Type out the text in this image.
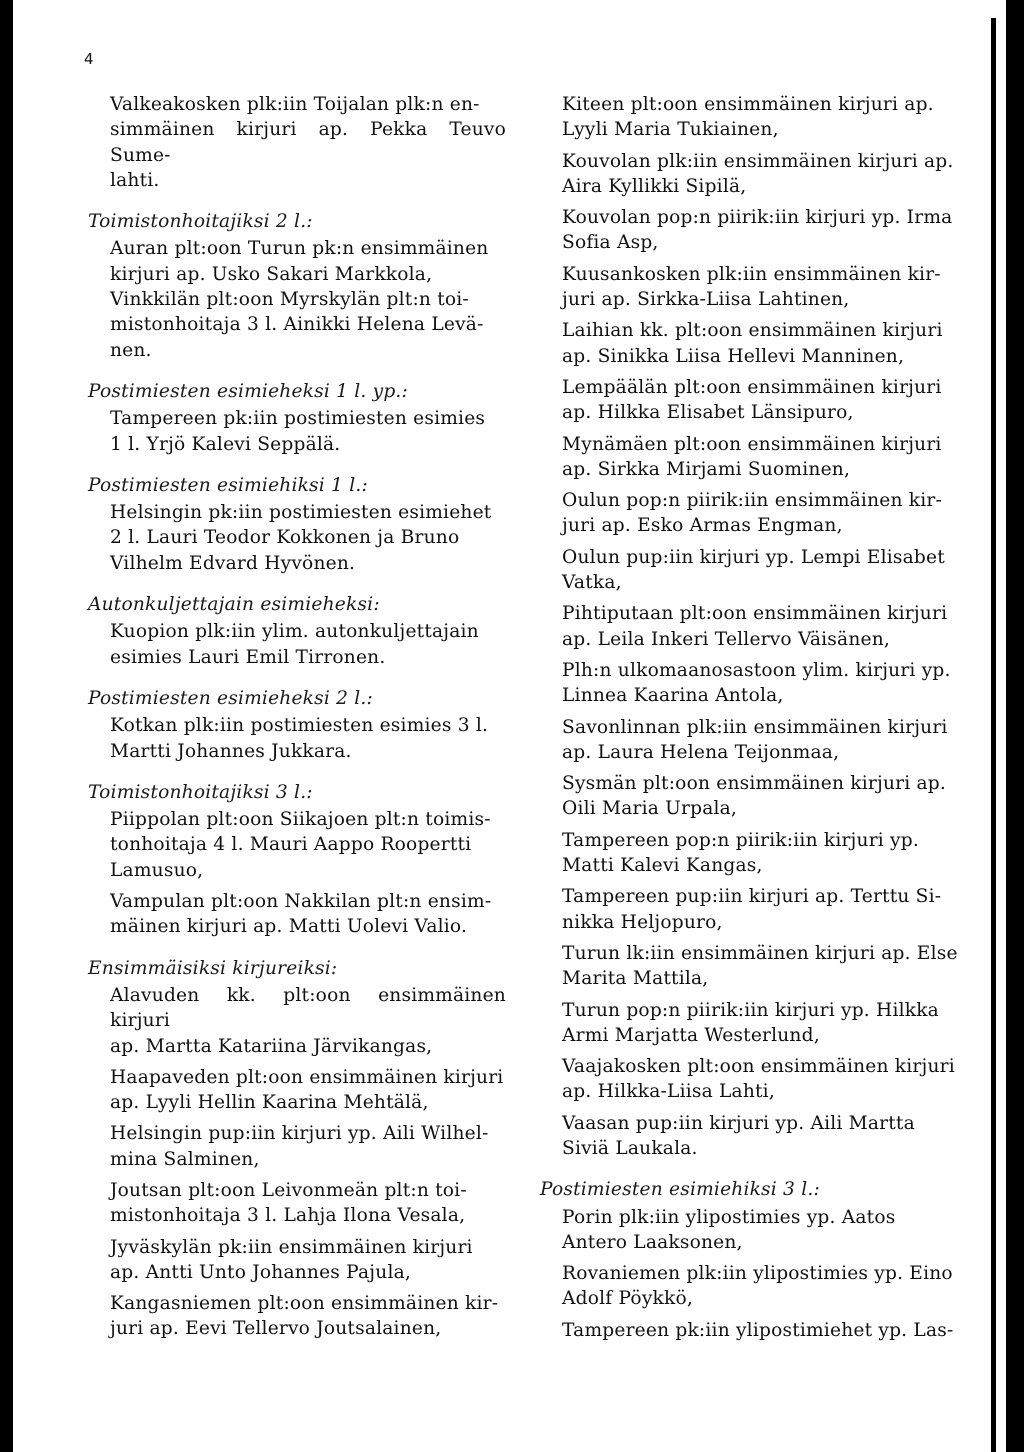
4
Valkeakosken plk:iin Toijalan plk:n en-
simmäinen kirjuri ap. Pekka Teuvo Sume-
lahti.
Toimistonhoitajiksi 2 l.:
Auran plt:oon Turun pk:n ensimmäinen
kirjuri ap. Usko Sakari Markkola,
Vinkkilän plt:oon Myrskylän plt:n toi-
mistonhoitaja 3 l. Ainikki Helena Levä-
nen.
Postimiesten esimieheksi 1 l. yp.:
Tampereen pk:iin postimiesten esimies
1 l. Yrjö Kalevi Seppälä.
Postimiesten esimiehiksi 1 l.:
Helsingin pk:iin postimiesten esimiehet
2 l. Lauri Teodor Kokkonen ja Bruno
Vilhelm Edvard Hyvönen.
Autonkuljettajain esimieheksi:
Kuopion plk:iin ylim. autonkuljettajain
esimies Lauri Emil Tirronen.
Postimiesten esimieheksi 2 l.:
Kotkan plk:iin postimiesten esimies 3 l.
Martti Johannes Jukkara.
Toimistonhoitajiksi 3 l.:
Piippolan plt:oon Siikajoen plt:n toimis-
tonhoitaja 4 l. Mauri Aappo Roopertti
Lamusuo,
Vampulan plt:oon Nakkilan plt:n ensim-
mäinen kirjuri ap. Matti Uolevi Valio.
Ensimmäisiksi kirjureiksi:
Alavuden kk. plt:oon ensimmäinen kirjuri
ap. Martta Katariina Järvikangas,
Haapaveden plt:oon ensimmäinen kirjuri
ap. Lyyli Hellin Kaarina Mehtälä,
Helsingin pup:iin kirjuri yp. Aili Wilhel-
mina Salminen,
Joutsan plt:oon Leivonmeän plt:n toi-
mistonhoitaja 3 l. Lahja Ilona Vesala,
Jyväskylän pk:iin ensimmäinen kirjuri
ap. Antti Unto Johannes Pajula,
Kangasniemen plt:oon ensimmäinen kir-
juri ap. Eevi Tellervo Joutsalainen,
Kiteen plt:oon ensimmäinen kirjuri ap.
Lyyli Maria Tukiainen,
Kouvolan plk:iin ensimmäinen kirjuri ap.
Aira Kyllikki Sipilä,
Kouvolan pop:n piirik:iin kirjuri yp. Irma
Sofia Asp,
Kuusankosken plk:iin ensimmäinen kir-
juri ap. Sirkka-Liisa Lahtinen,
Laihian kk. plt:oon ensimmäinen kirjuri
ap. Sinikka Liisa Hellevi Manninen,
Lempäälän plt:oon ensimmäinen kirjuri
ap. Hilkka Elisabet Länsipuro,
Mynämäen plt:oon ensimmäinen kirjuri
ap. Sirkka Mirjami Suominen,
Oulun pop:n piirik:iin ensimmäinen kir-
juri ap. Esko Armas Engman,
Oulun pup:iin kirjuri yp. Lempi Elisabet
Vatka,
Pihtiputaan plt:oon ensimmäinen kirjuri
ap. Leila Inkeri Tellervo Väisänen,
Plh:n ulkomaanosastoon ylim. kirjuri yp.
Linnea Kaarina Antola,
Savonlinnan plk:iin ensimmäinen kirjuri
ap. Laura Helena Teijonmaa,
Sysmän plt:oon ensimmäinen kirjuri ap.
Oili Maria Urpala,
Tampereen pop:n piirik:iin kirjuri yp.
Matti Kalevi Kangas,
Tampereen pup:iin kirjuri ap. Terttu Si-
nikka Heljopuro,
Turun lk:iin ensimmäinen kirjuri ap. Else
Marita Mattila,
Turun pop:n piirik:iin kirjuri yp. Hilkka
Armi Marjatta Westerlund,
Vaajakosken plt:oon ensimmäinen kirjuri
ap. Hilkka-Liisa Lahti,
Vaasan pup:iin kirjuri yp. Aili Martta
Siviä Laukala.
Postimiesten esimiehiksi 3 l.:
Porin plk:iin ylipostimies yp. Aatos
Antero Laaksonen,
Rovaniemen plk:iin ylipostimies yp. Eino
Adolf Pöykkö,
Tampereen pk:iin ylipostimiehet yp. Las-
